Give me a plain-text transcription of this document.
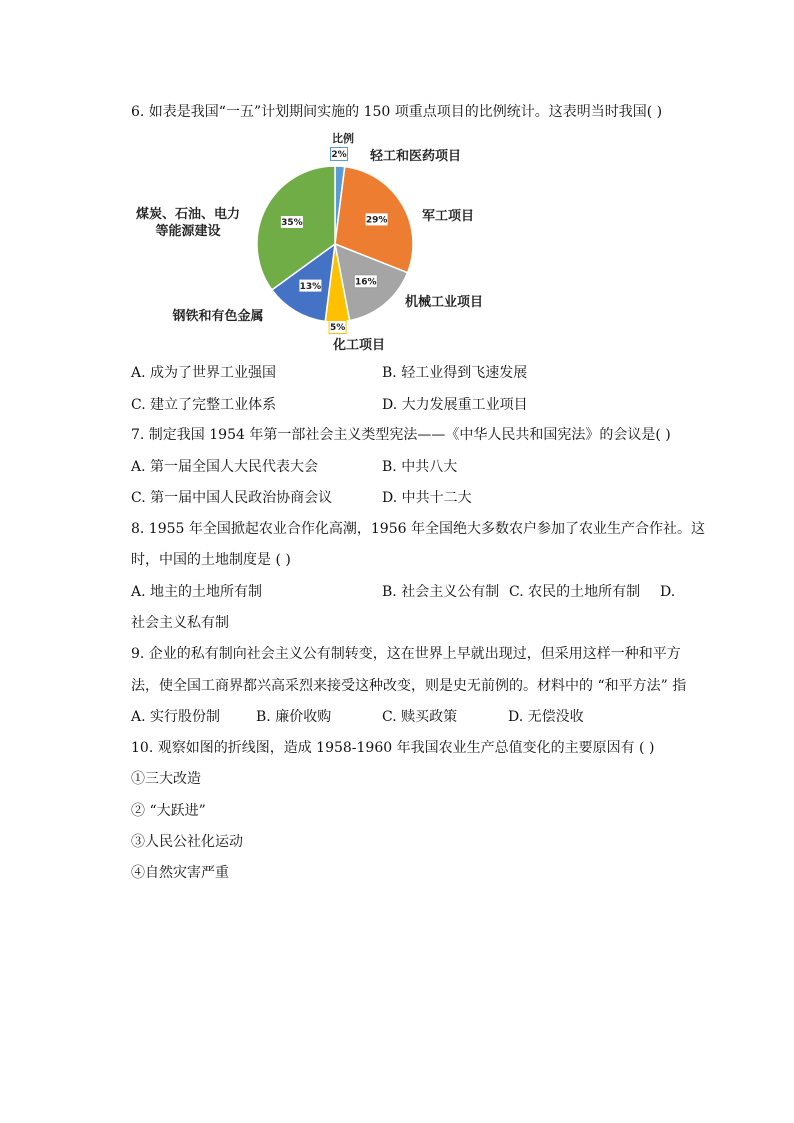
6. 如表是我国“一五”计划期间实施的 150 项重点项目的比例统计。这表明当时我国( )
比例
2%
29%
16%
5%
13%
35%
轻工和医药项目
军工项目
机械工业项目
化工项目
钢铁和有色金属
煤炭、石油、电力等能源建设
A. 成为了世界工业强国	B. 轻工业得到飞速发展
C. 建立了完整工业体系	D. 大力发展重工业项目
7. 制定我国 1954 年第一部社会主义类型宪法——《中华人民共和国宪法》的会议是( )
A. 第一届全国人大民代表大会	B. 中共八大
C. 第一届中国人民政治协商会议	D. 中共十二大
8. 1955 年全国掀起农业合作化高潮，1956 年全国绝大多数农户参加了农业生产合作社。这
时，中国的土地制度是 ( )
A. 地主的土地所有制	B. 社会主义公有制 C. 农民的土地所有制 D.
社会主义私有制
9. 企业的私有制向社会主义公有制转变，这在世界上早就出现过，但采用这样一种和平方
法，使全国工商界都兴高采烈来接受这种改变，则是史无前例的。材料中的 “和平方法” 指
A. 实行股份制	B. 廉价收购	C. 赎买政策	D. 无偿没收
10. 观察如图的折线图，造成 1958-1960 年我国农业生产总值变化的主要原因有 ( )
①三大改造
② “大跃进”
③人民公社化运动
④自然灾害严重
